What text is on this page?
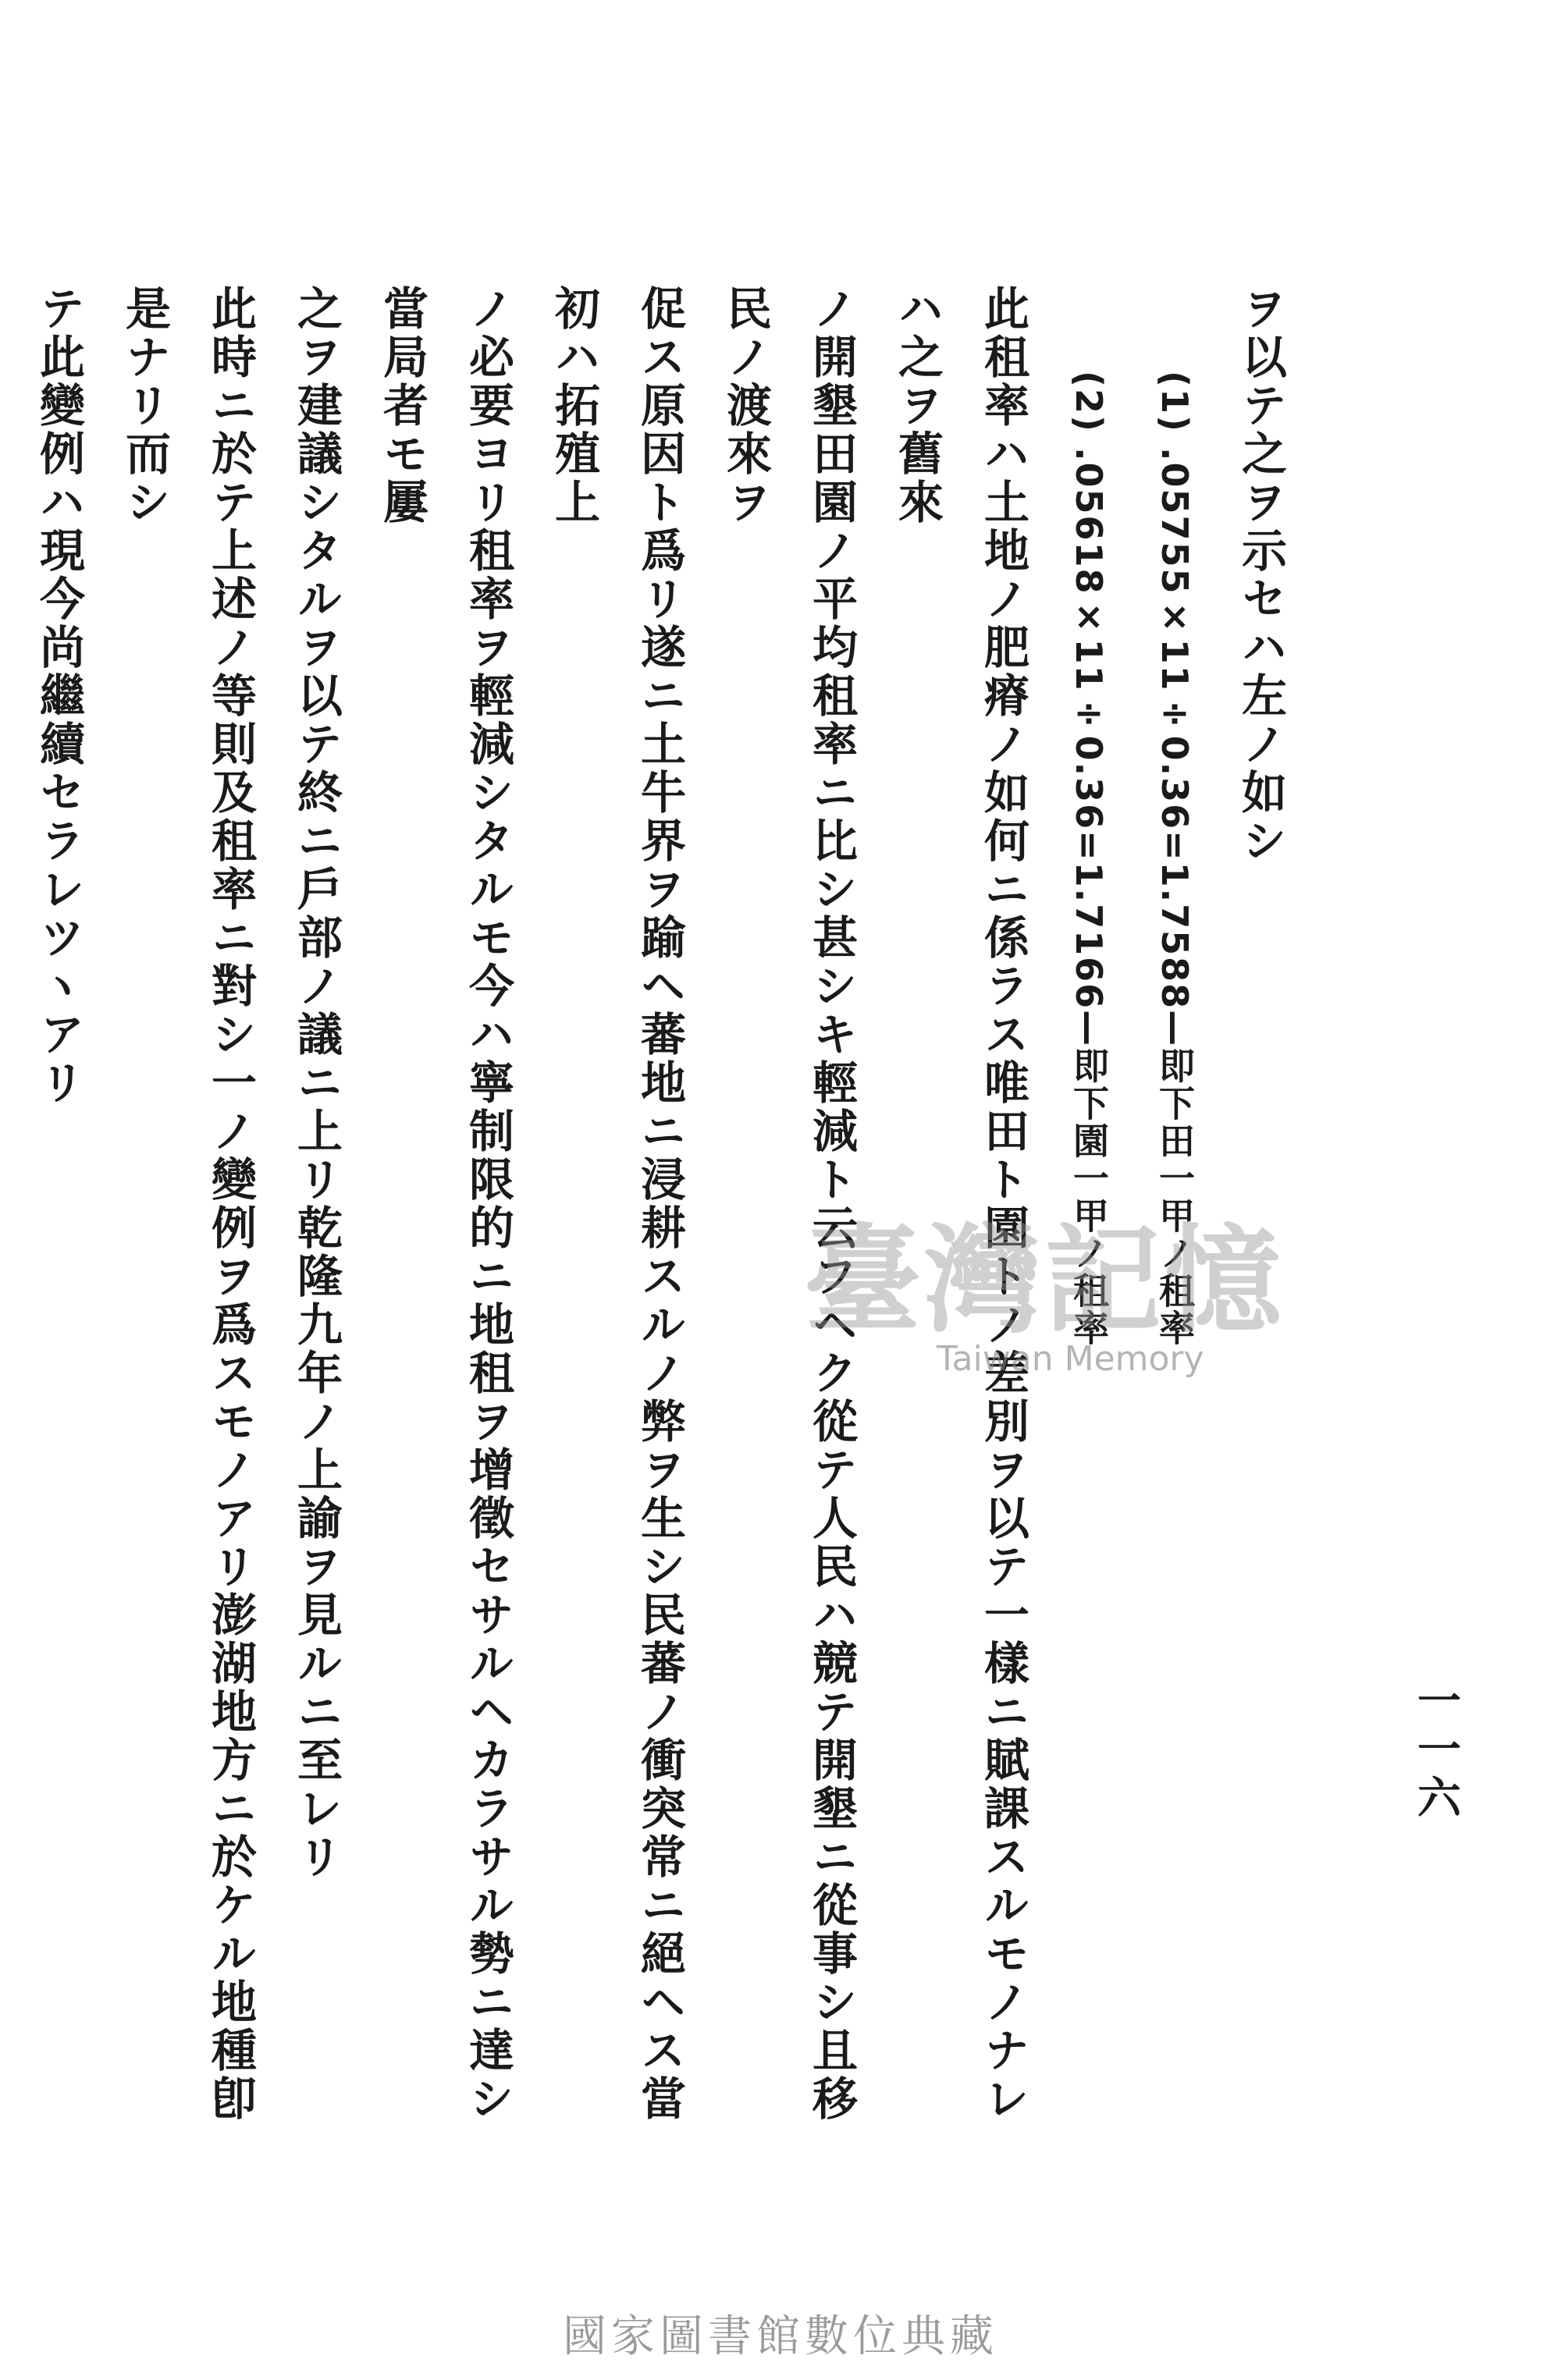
一一六
ヲ以テ之ヲ示セハ左ノ如シ
(1) .05755×11÷0.36=1.7588—即下田一甲ノ租率
(2) .05618×11÷0.36=1.7166—即下園一甲ノ租率
此租率ハ土地ノ肥瘠ノ如何ニ係ラス唯田ト園トノ差別ヲ以テ一樣ニ賦課スルモノナレハ之ヲ舊來
ノ開墾田園ノ平均租率ニ比シ甚シキ輕減ト云フヘク從テ人民ハ競テ開墾ニ從事シ且移民ノ渡來ヲ
促ス原因ト爲リ遂ニ土牛界ヲ踰ヘ蕃地ニ浸耕スルノ弊ヲ生シ民蕃ノ衝突常ニ絕ヘス當初ハ拓殖上
ノ必要ヨリ租率ヲ輕減シタルモ今ハ寧制限的ニ地租ヲ增徵セサルヘカラサル勢ニ達シ當局者モ屢
之ヲ建議シタルヲ以テ終ニ戶部ノ議ニ上リ乾隆九年ノ上諭ヲ見ルニ至レリ
此時ニ於テ上述ノ等則及租率ニ對シ一ノ變例ヲ爲スモノアリ澎湖地方ニ於ケル地種卽是ナリ而シ
テ此變例ハ現今尚繼續セラレツヽアリ
臺灣記憶
Taiwan Memory
國家圖書館數位典藏
